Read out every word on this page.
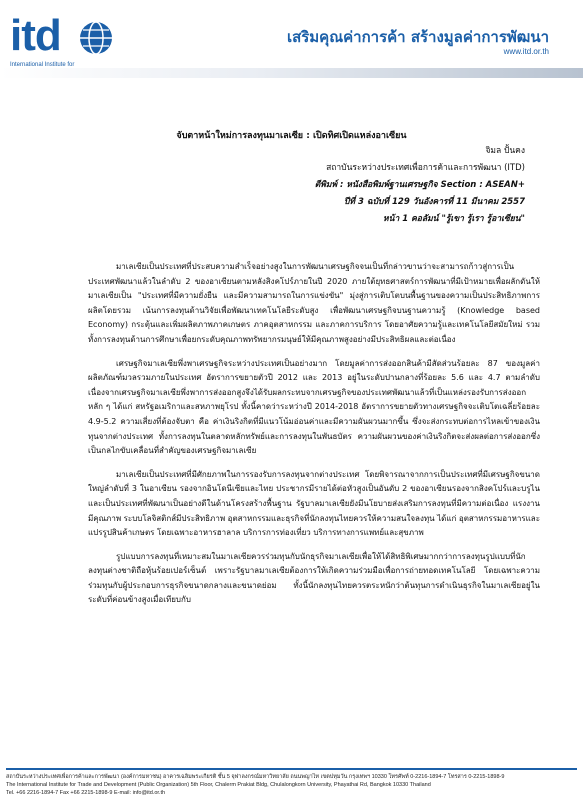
itd
International Institute for
เสริมคุณค่าการค้า สร้างมูลค่าการพัฒนา
www.itd.or.th
จับตาหน้าใหม่การลงทุนมาเลเซีย : เปิดทิศเปิดแหล่งอาเซียน
จิมล ปั้นคง
สถาบันระหว่างประเทศเพื่อการค้าและการพัฒนา (ITD)
ตีพิมพ์ : หนังสือพิมพ์ฐานเศรษฐกิจ Section : ASEAN+
ปีที่ 3 ฉบับที่ 129 วันอังคารที่ 11 มีนาคม 2557
หน้า 1 คอลัมน์ "รู้เขา รู้เรา รู้อาเซียน"

มาเลเซียเป็นประเทศที่ประสบความสำเร็จอย่างสูงในการพัฒนาเศรษฐกิจจนเป็นที่กล่าวขานว่าจะสามารถก้าวสู่การเป็นประเทศพัฒนาแล้วในลำดับ 2 ของอาเซียนตามหลังสิงคโปร์ภายในปี 2020 ภายใต้ยุทธศาสตร์การพัฒนาที่มีเป้าหมายเพื่อผลักดันให้มาเลเซียเป็น "ประเทศที่มีความยั่งยืน และมีความสามารถในการแข่งขัน" มุ่งสู่การเติบโตบนพื้นฐานของความเป็นประสิทธิภาพการผลิตโดยรวม เน้นการลงทุนด้านวิจัยเพื่อพัฒนาเทคโนโลยีระดับสูง เพื่อพัฒนาเศรษฐกิจบนฐานความรู้ (Knowledge based Economy) กระตุ้นและเพิ่มผลิตภาพภาคเกษตร ภาคอุตสาหกรรม และภาคการบริการ โดยอาศัยความรู้และเทคโนโลยีสมัยใหม่ รวมทั้งการลงทุนด้านการศึกษาเพื่อยกระดับคุณภาพทรัพยากรมนุษย์ให้มีคุณภาพสูงอย่างมีประสิทธิผลและต่อเนื่อง

เศรษฐกิจมาเลเซียพึ่งพาเศรษฐกิจระหว่างประเทศเป็นอย่างมาก โดยมูลค่าการส่งออกสินค้ามีสัดส่วนร้อยละ 87 ของมูลค่าผลิตภัณฑ์มวลรวมภายในประเทศ อัตราการขยายตัวปี 2012 และ 2013 อยู่ในระดับปานกลางที่ร้อยละ 5.6 และ 4.7 ตามลำดับ เนื่องจากเศรษฐกิจมาเลเซียพึ่งพาการส่งออกสูงจึงได้รับผลกระทบจากเศรษฐกิจของประเทศพัฒนาแล้วที่เป็นแหล่งรองรับการส่งออกหลัก ๆ ได้แก่ สหรัฐอเมริกาและสหภาพยุโรป ทั้งนี้คาดว่าระหว่างปี 2014-2018 อัตราการขยายตัวทางเศรษฐกิจจะเติบโตเฉลี่ยร้อยละ 4.9-5.2 ความเสี่ยงที่ต้องจับตา คือ ค่าเงินริงกิตที่มีแนวโน้มอ่อนค่าและมีความผันผวนมากขึ้น ซึ่งจะส่งกระทบต่อการไหลเข้าของเงินทุนจากต่างประเทศ ทั้งการลงทุนในตลาดหลักทรัพย์และการลงทุนในพันธบัตร ความผันผวนของค่าเงินริงกิตจะส่งผลต่อการส่งออกซึ่งเป็นกลไกขับเคลื่อนที่สำคัญของเศรษฐกิจมาเลเซีย

มาเลเซียเป็นประเทศที่มีศักยภาพในการรองรับการลงทุนจากต่างประเทศ โดยพิจารณาจากการเป็นประเทศที่มีเศรษฐกิจขนาดใหญ่ลำดับที่ 3 ในอาเซียน รองจากอินโดนีเซียและไทย ประชากรมีรายได้ต่อหัวสูงเป็นอันดับ 2 ของอาเซียนรองจากสิงคโปร์และบรูไน และเป็นประเทศที่พัฒนาเป็นอย่างดีในด้านโครงสร้างพื้นฐาน รัฐบาลมาเลเซียยังมีนโยบายส่งเสริมการลงทุนที่มีความต่อเนื่อง แรงงานมีคุณภาพ ระบบโลจิสติกส์มีประสิทธิภาพ อุตสาหกรรมและธุรกิจที่นักลงทุนไทยควรให้ความสนใจลงทุน ได้แก่ อุตสาหกรรมอาหารและแปรรูปสินค้าเกษตร โดยเฉพาะอาหารฮาลาล บริการการท่องเที่ยว บริการทางการแพทย์และสุขภาพ

รูปแบบการลงทุนที่เหมาะสมในมาเลเซียควรร่วมทุนกับนักธุรกิจมาเลเซียเพื่อให้ได้สิทธิพิเศษมากกว่าการลงทุนรูปแบบที่นักลงทุนต่างชาติถือหุ้นร้อยเปอร์เซ็นต์ เพราะรัฐบาลมาเลเซียต้องการให้เกิดความร่วมมือเพื่อการถ่ายทอดเทคโนโลยี โดยเฉพาะความร่วมทุนกับผู้ประกอบการธุรกิจขนาดกลางและขนาดย่อม ทั้งนี้นักลงทุนไทยควรตระหนักว่าต้นทุนการดำเนินธุรกิจในมาเลเซียอยู่ในระดับที่ค่อนข้างสูงเมื่อเทียบกับ

สถาบันระหว่างประเทศเพื่อการค้าและการพัฒนา (องค์การมหาชน) อาคารเฉลิมพระเกียรติ ชั้น 5 จุฬาลงกรณ์มหาวิทยาลัย ถนนพญาไท เขตปทุมวัน กรุงเทพฯ 10330 โทรศัพท์ 0-2216-1894-7 โทรสาร 0-2215-1898-9
The International Institute for Trade and Development (Public Organization) 5th Floor, Chalerm Prakiat Bldg, Chulalongkorn University, Phayathai Rd, Bangkok 10330 Thailand
Tel. +66 2216-1894-7 Fax +66 2215-1898-9 E-mail: info@itd.or.th
